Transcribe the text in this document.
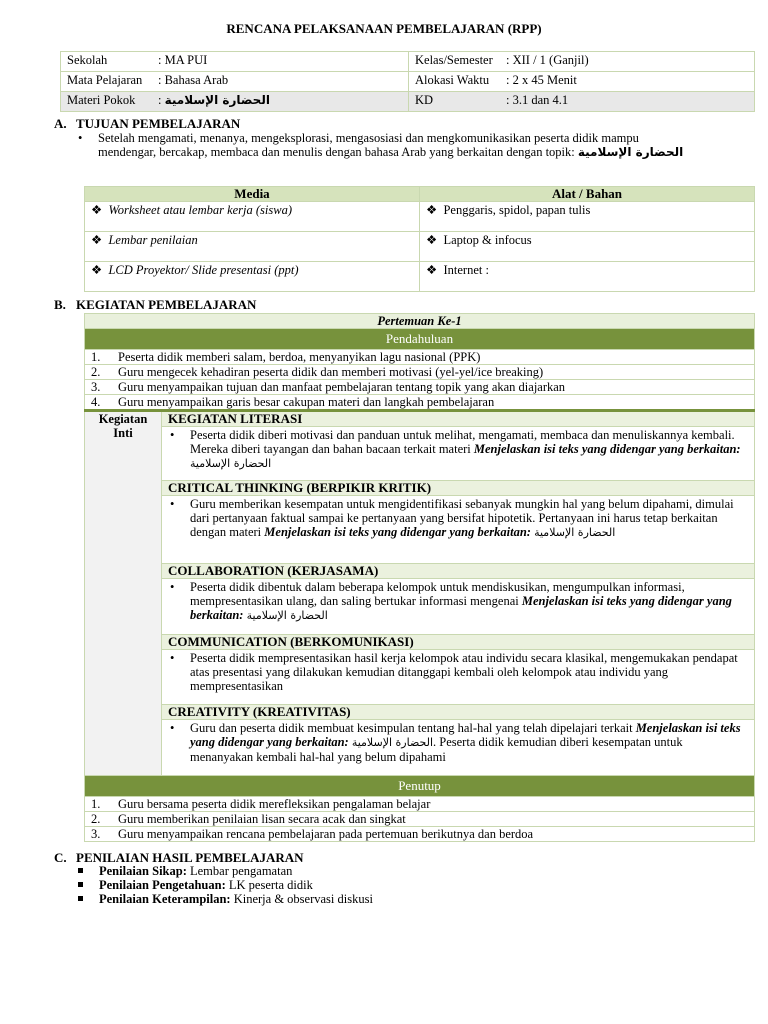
RENCANA PELAKSANAAN PEMBELAJARAN (RPP)
Sekolah : MA PUI	Kelas/Semester : XII / 1 (Ganjil)
Mata Pelajaran : Bahasa Arab	Alokasi Waktu : 2 x 45 Menit
Materi Pokok : الحضارة الإسلامية	KD : 3.1 dan 4.1
A. TUJUAN PEMBELAJARAN
• Setelah mengamati, menanya, mengeksplorasi, mengasosiasi dan mengkomunikasikan peserta didik mampu mendengar, bercakap, membaca dan menulis dengan bahasa Arab yang berkaitan dengan topik: الحضارة الإسلامية
Media	Alat / Bahan
❖ Worksheet atau lembar kerja (siswa)	❖ Penggaris, spidol, papan tulis
❖ Lembar penilaian	❖ Laptop & infocus
❖ LCD Proyektor/ Slide presentasi (ppt)	❖ Internet :
B. KEGIATAN PEMBELAJARAN
Pertemuan Ke-1
Pendahuluan
1. Peserta didik memberi salam, berdoa, menyanyikan lagu nasional (PPK)
2. Guru mengecek kehadiran peserta didik dan memberi motivasi (yel-yel/ice breaking)
3. Guru menyampaikan tujuan dan manfaat pembelajaran tentang topik yang akan diajarkan
4. Guru menyampaikan garis besar cakupan materi dan langkah pembelajaran

Kegiatan
Inti
	KEGIATAN LITERASI

• Peserta didik diberi motivasi dan panduan untuk melihat, mengamati, membaca dan menuliskannya kembali. Mereka diberi tayangan dan bahan bacaan terkait materi Menjelaskan isi teks yang didengar yang berkaitan: الحضارة الإسلامية

CRITICAL THINKING (BERPIKIR KRITIK)

• Guru memberikan kesempatan untuk mengidentifikasi sebanyak mungkin hal yang belum dipahami, dimulai dari pertanyaan faktual sampai ke pertanyaan yang bersifat hipotetik. Pertanyaan ini harus tetap berkaitan dengan materi Menjelaskan isi teks yang didengar yang berkaitan: الحضارة الإسلامية

COLLABORATION (KERJASAMA)

• Peserta didik dibentuk dalam beberapa kelompok untuk mendiskusikan, mengumpulkan informasi, mempresentasikan ulang, dan saling bertukar informasi mengenai Menjelaskan isi teks yang didengar yang berkaitan: الحضارة الإسلامية

COMMUNICATION (BERKOMUNIKASI)

• Peserta didik mempresentasikan hasil kerja kelompok atau individu secara klasikal, mengemukakan pendapat atas presentasi yang dilakukan kemudian ditanggapi kembali oleh kelompok atau individu yang mempresentasikan

CREATIVITY (KREATIVITAS)

• Guru dan peserta didik membuat kesimpulan tentang hal-hal yang telah dipelajari terkait Menjelaskan isi teks yang didengar yang berkaitan: الحضارة الإسلامية. Peserta didik kemudian diberi kesempatan untuk menanyakan kembali hal-hal yang belum dipahami

Penutup
1. Guru bersama peserta didik merefleksikan pengalaman belajar
2. Guru memberikan penilaian lisan secara acak dan singkat
3. Guru menyampaikan rencana pembelajaran pada pertemuan berikutnya dan berdoa
C. PENILAIAN HASIL PEMBELAJARAN
Penilaian Sikap: Lembar pengamatan
Penilaian Pengetahuan: LK peserta didik
Penilaian Keterampilan: Kinerja & observasi diskusi
